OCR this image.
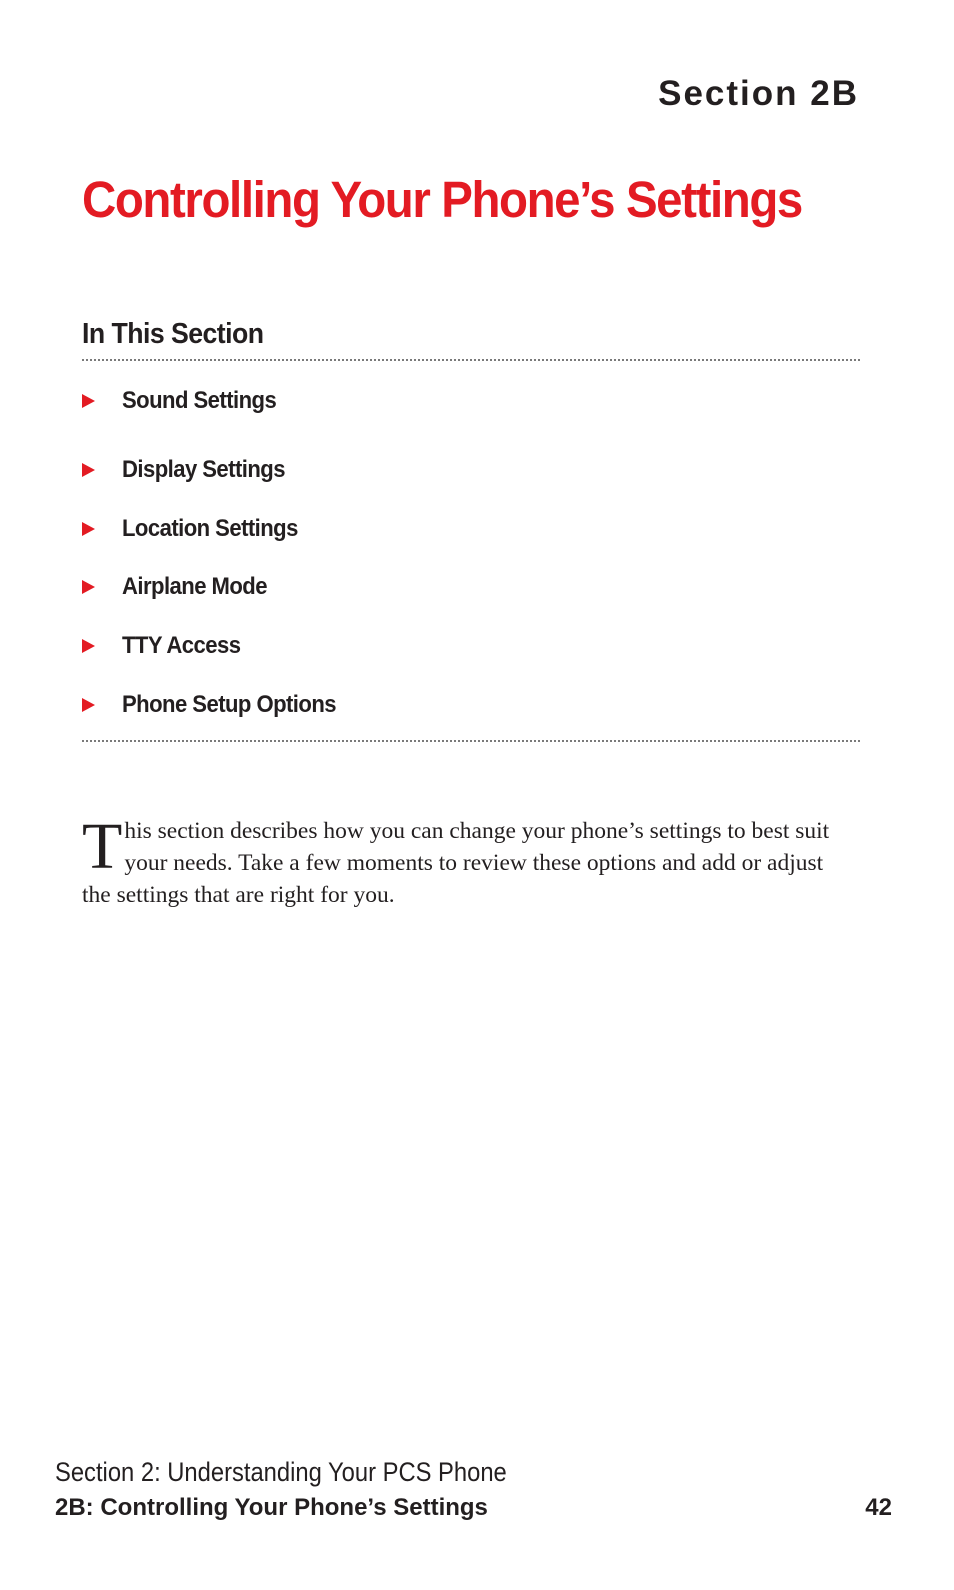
Section 2B
Controlling Your Phone’s Settings
In This Section
Sound Settings
Display Settings
Location Settings
Airplane Mode
TTY Access
Phone Setup Options

This section describes how you can change your phone’s settings to best suit your needs. Take a few moments to review these options and add or adjust the settings that are right for you.

Section 2: Understanding Your PCS Phone
2B: Controlling Your Phone’s Settings	42
